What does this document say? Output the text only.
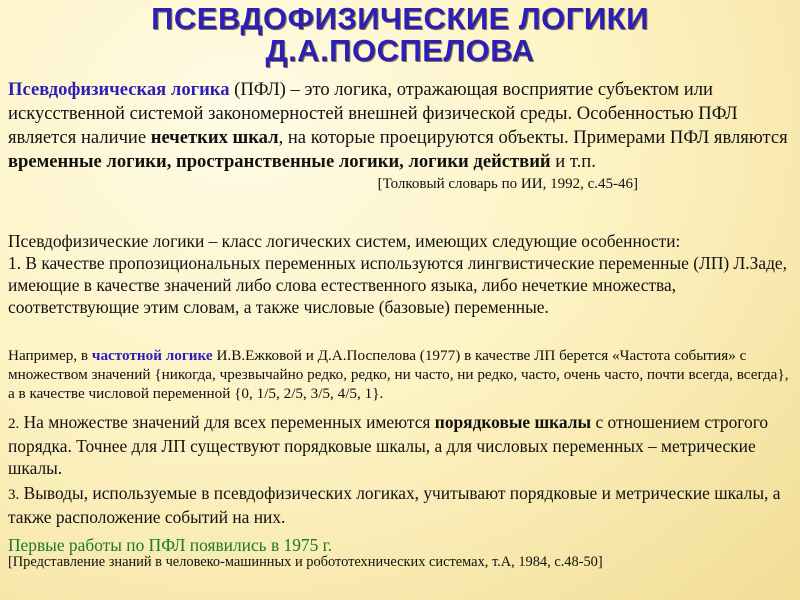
ПСЕВДОФИЗИЧЕСКИЕ ЛОГИКИ
Д.А.ПОСПЕЛОВА
Псевдофизическая логика (ПФЛ) – это логика, отражающая восприятие субъектом или искусственной системой закономерностей внешней физической среды. Особенностью ПФЛ является наличие нечетких шкал, на которые проецируются объекты. Примерами ПФЛ являются временные логики, пространственные логики, логики действий и т.п.
[Толковый словарь по ИИ, 1992, с.45-46]
Псевдофизические логики – класс логических систем, имеющих следующие особенности:
1. В качестве пропозициональных переменных используются лингвистические переменные (ЛП) Л.Заде, имеющие в качестве значений либо слова естественного языка, либо нечеткие множества, соответствующие этим словам, а также числовые (базовые) переменные.
Например, в частотной логике И.В.Ежковой и Д.А.Поспелова (1977) в качестве ЛП берется «Частота события» с множеством значений {никогда, чрезвычайно редко, редко, ни часто, ни редко, часто, очень часто, почти всегда, всегда}, а в качестве числовой переменной {0, 1/5, 2/5, 3/5, 4/5, 1}.
2. На множестве значений для всех переменных имеются порядковые шкалы с отношением строгого порядка. Точнее для ЛП существуют порядковые шкалы, а для числовых переменных – метрические шкалы.
3. Выводы, используемые в псевдофизических логиках, учитывают порядковые и метрические шкалы, а также расположение событий на них.

Первые работы по ПФЛ появились в 1975 г.

[Представление знаний в человеко-машинных и робототехнических системах, т.А, 1984, с.48-50]
